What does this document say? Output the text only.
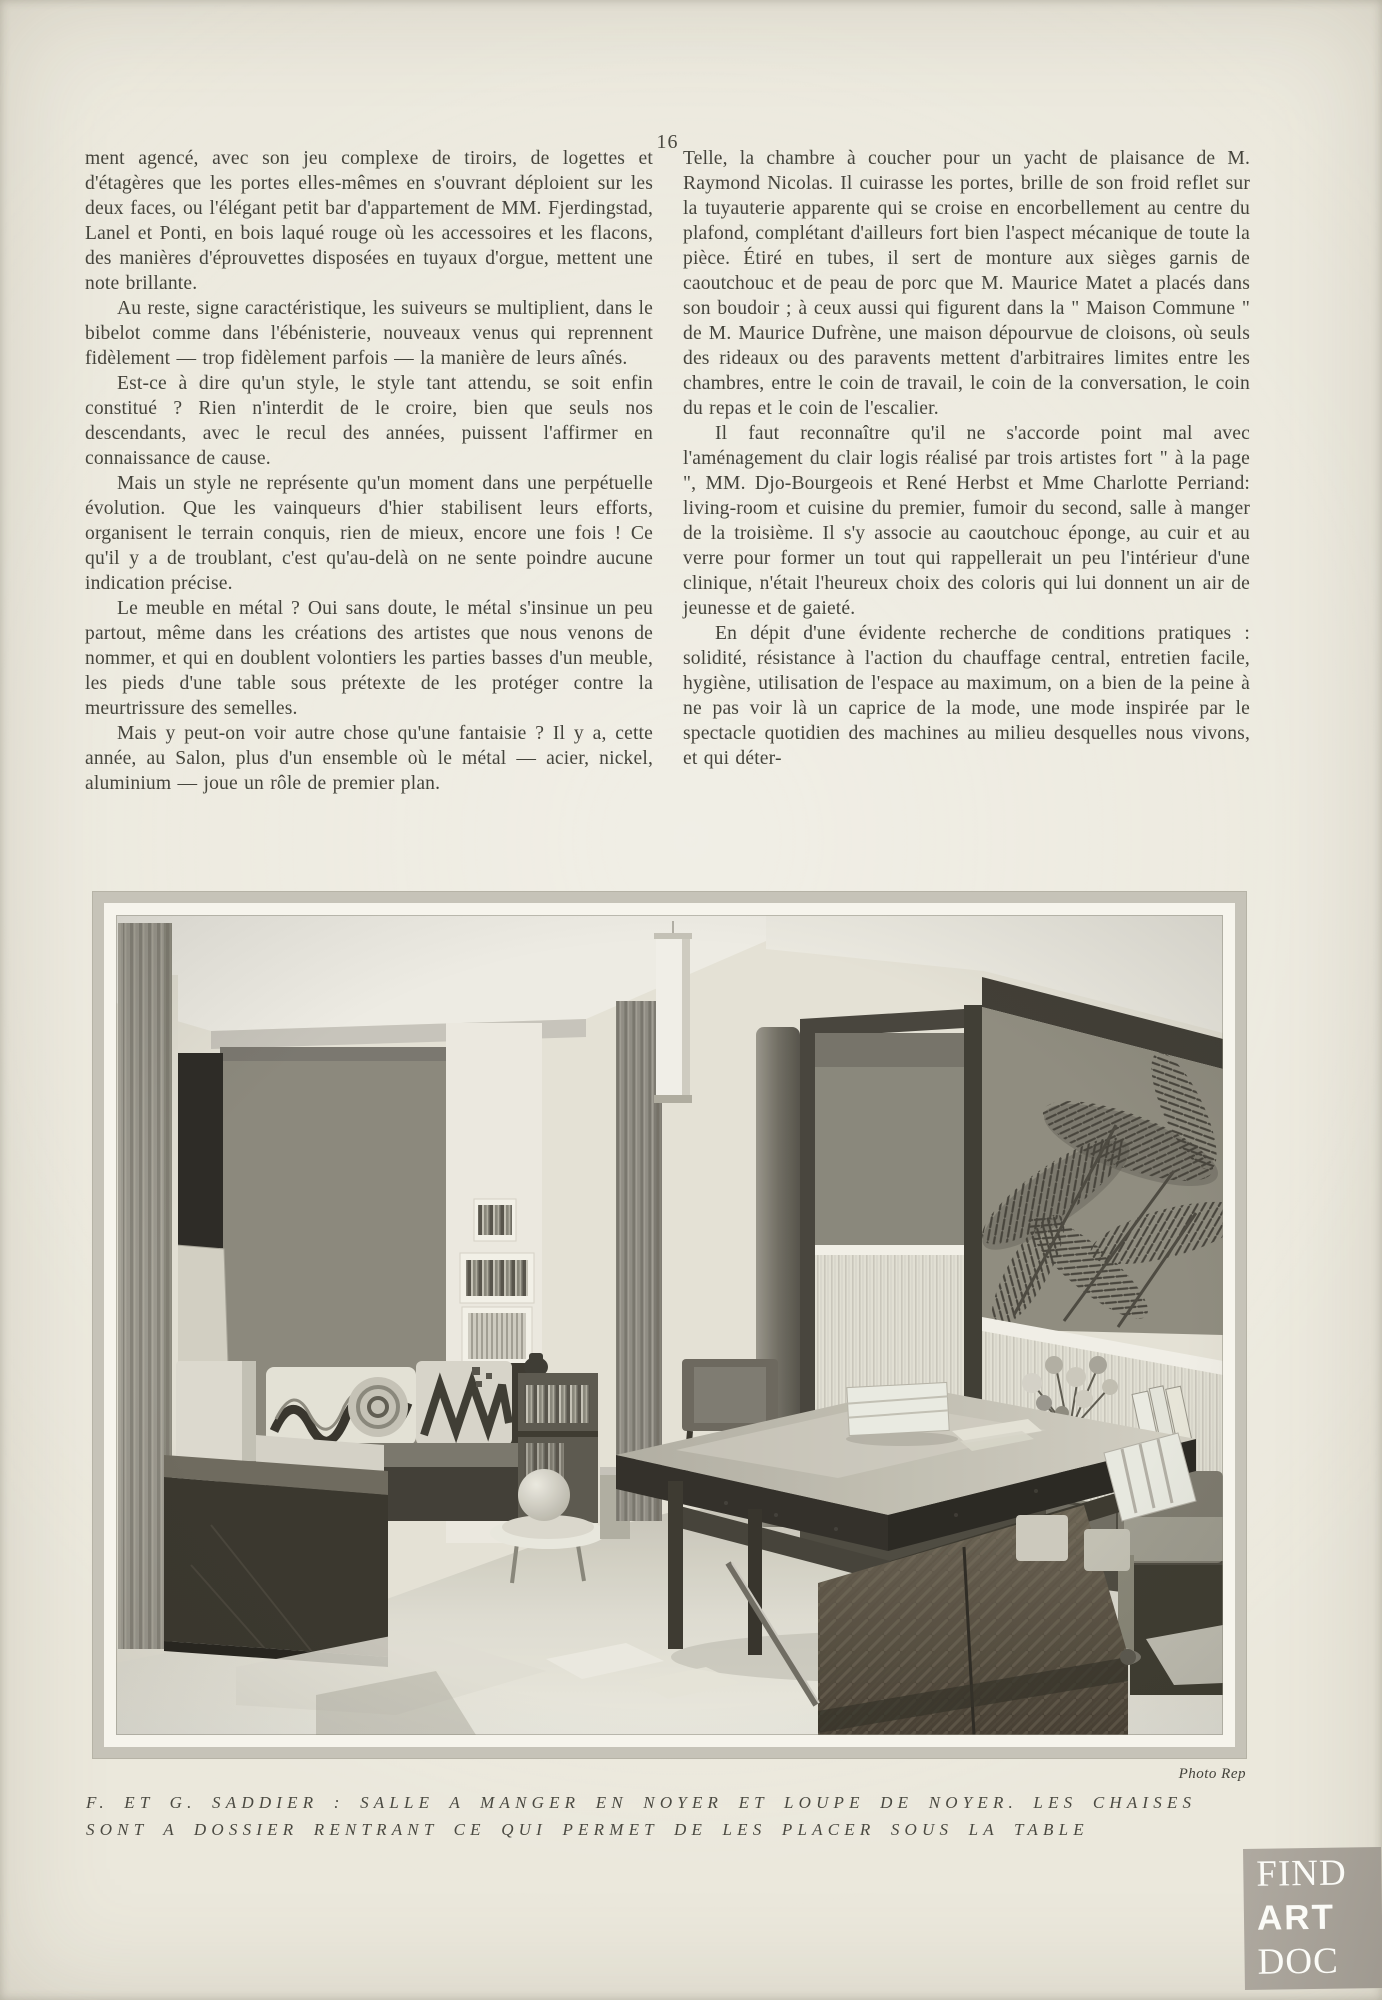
16

ment agencé, avec son jeu complexe de tiroirs, de logettes et d'étagères que les portes elles-mêmes en s'ouvrant déploient sur les deux faces, ou l'élégant petit bar d'appartement de MM. Fjerdingstad, Lanel et Ponti, en bois laqué rouge où les accessoires et les flacons, des manières d'éprouvettes disposées en tuyaux d'orgue, mettent une note brillante.

Au reste, signe caractéristique, les suiveurs se multiplient, dans le bibelot comme dans l'ébénisterie, nouveaux venus qui reprennent fidèlement — trop fidèlement parfois — la manière de leurs aînés.

Est-ce à dire qu'un style, le style tant attendu, se soit enfin constitué ? Rien n'interdit de le croire, bien que seuls nos descendants, avec le recul des années, puissent l'affirmer en connaissance de cause.

Mais un style ne représente qu'un moment dans une perpétuelle évolution. Que les vainqueurs d'hier stabilisent leurs efforts, organisent le terrain conquis, rien de mieux, encore une fois ! Ce qu'il y a de troublant, c'est qu'au-delà on ne sente poindre aucune indication précise.

Le meuble en métal ? Oui sans doute, le métal s'insinue un peu partout, même dans les créations des artistes que nous venons de nommer, et qui en doublent volontiers les parties basses d'un meuble, les pieds d'une table sous prétexte de les protéger contre la meurtrissure des semelles.

Mais y peut-on voir autre chose qu'une fantaisie ? Il y a, cette année, au Salon, plus d'un ensemble où le métal — acier, nickel, aluminium — joue un rôle de premier plan.

Telle, la chambre à coucher pour un yacht de plaisance de M. Raymond Nicolas. Il cuirasse les portes, brille de son froid reflet sur la tuyauterie apparente qui se croise en encorbellement au centre du plafond, complétant d'ailleurs fort bien l'aspect mécanique de toute la pièce. Étiré en tubes, il sert de monture aux sièges garnis de caoutchouc et de peau de porc que M. Maurice Matet a placés dans son boudoir ; à ceux aussi qui figurent dans la " Maison Commune " de M. Maurice Dufrène, une maison dépourvue de cloisons, où seuls des rideaux ou des paravents mettent d'arbitraires limites entre les chambres, entre le coin de travail, le coin de la conversation, le coin du repas et le coin de l'escalier.

Il faut reconnaître qu'il ne s'accorde point mal avec l'aménagement du clair logis réalisé par trois artistes fort " à la page ", MM. Djo-Bourgeois et René Herbst et Mme Charlotte Perriand: living-room et cuisine du premier, fumoir du second, salle à manger de la troisième. Il s'y associe au caoutchouc éponge, au cuir et au verre pour former un tout qui rappellerait un peu l'intérieur d'une clinique, n'était l'heureux choix des coloris qui lui donnent un air de jeunesse et de gaieté.

En dépit d'une évidente recherche de conditions pratiques : solidité, résistance à l'action du chauffage central, entretien facile, hygiène, utilisation de l'espace au maximum, on a bien de la peine à ne pas voir là un caprice de la mode, une mode inspirée par le spectacle quotidien des machines au milieu desquelles nous vivons, et qui déter-

Photo Rep
F. ET G. SADDIER : SALLE A MANGER EN NOYER ET LOUPE DE NOYER. LES CHAISES
SONT A DOSSIER RENTRANT CE QUI PERMET DE LES PLACER SOUS LA TABLE
FIND
ART
DOC
